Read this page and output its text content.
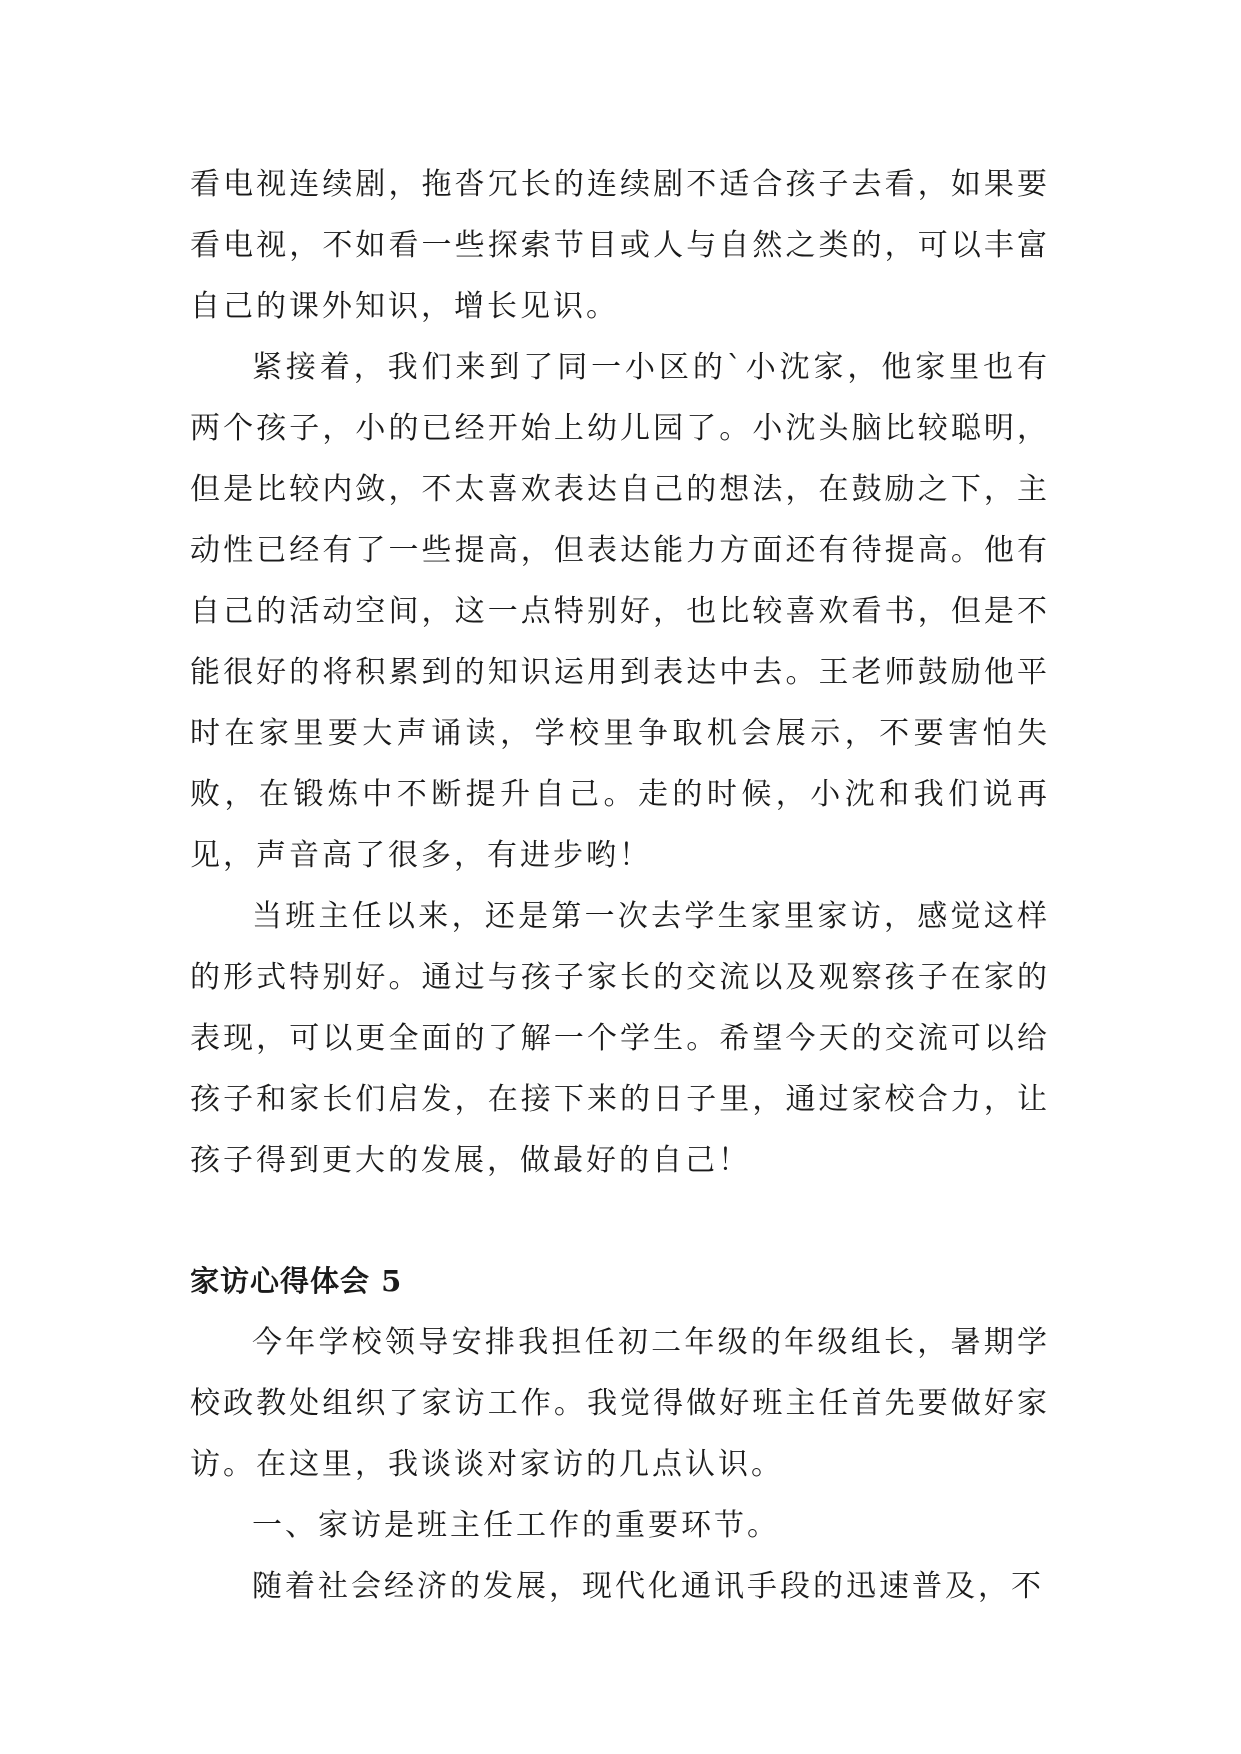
看电视连续剧，拖沓冗长的连续剧不适合孩子去看，如果要看电视，不如看一些探索节目或人与自然之类的，可以丰富自己的课外知识，增长见识。

紧接着，我们来到了同一小区的`小沈家，他家里也有两个孩子，小的已经开始上幼儿园了。小沈头脑比较聪明，但是比较内敛，不太喜欢表达自己的想法，在鼓励之下，主动性已经有了一些提高，但表达能力方面还有待提高。他有自己的活动空间，这一点特别好，也比较喜欢看书，但是不能很好的将积累到的知识运用到表达中去。王老师鼓励他平时在家里要大声诵读，学校里争取机会展示，不要害怕失败，在锻炼中不断提升自己。走的时候，小沈和我们说再见，声音高了很多，有进步哟！

当班主任以来，还是第一次去学生家里家访，感觉这样的形式特别好。通过与孩子家长的交流以及观察孩子在家的表现，可以更全面的了解一个学生。希望今天的交流可以给孩子和家长们启发，在接下来的日子里，通过家校合力，让孩子得到更大的发展，做最好的自己！

家访心得体会 5

今年学校领导安排我担任初二年级的年级组长，暑期学校政教处组织了家访工作。我觉得做好班主任首先要做好家访。在这里，我谈谈对家访的几点认识。

一、家访是班主任工作的重要环节。

随着社会经济的发展，现代化通讯手段的迅速普及，不
